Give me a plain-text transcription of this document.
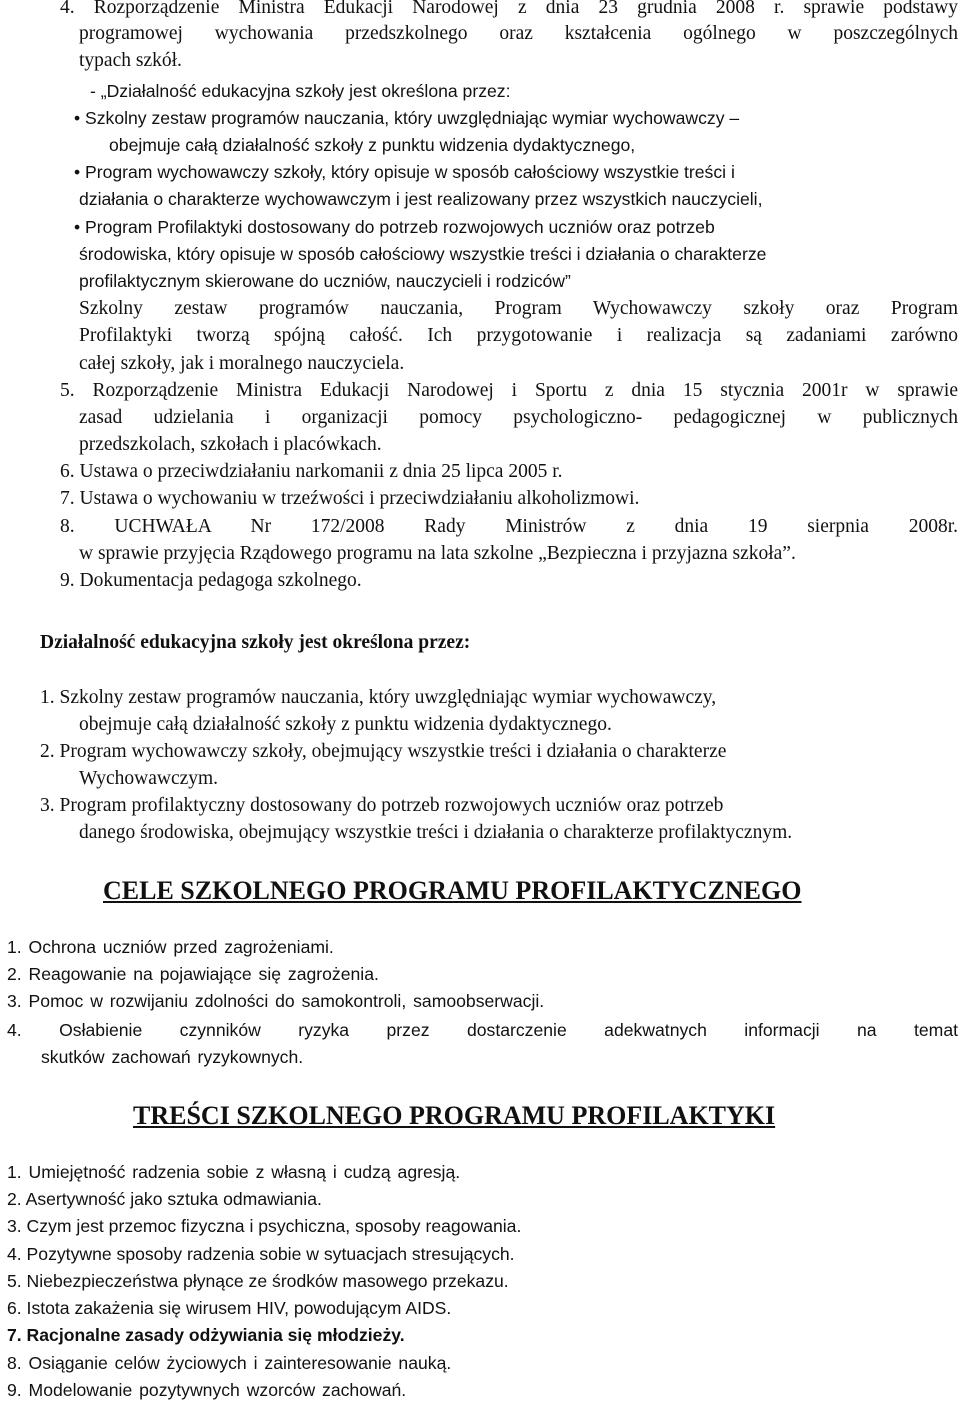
4. Rozporządzenie Ministra Edukacji Narodowej z dnia 23 grudnia 2008 r. sprawie podstawy
programowej wychowania przedszkolnego oraz kształcenia ogólnego w poszczególnych
typach szkół.
- „Działalność edukacyjna szkoły jest określona przez:
• Szkolny zestaw programów nauczania, który uwzględniając wymiar wychowawczy –
obejmuje całą działalność szkoły z punktu widzenia dydaktycznego,
• Program wychowawczy szkoły, który opisuje w sposób całościowy wszystkie treści i
działania o charakterze wychowawczym i jest realizowany przez wszystkich nauczycieli,
• Program Profilaktyki dostosowany do potrzeb rozwojowych uczniów oraz potrzeb
środowiska, który opisuje w sposób całościowy wszystkie treści i działania o charakterze
profilaktycznym skierowane do uczniów, nauczycieli i rodziców”
Szkolny zestaw programów nauczania, Program Wychowawczy szkoły oraz Program
Profilaktyki tworzą spójną całość. Ich przygotowanie i realizacja są zadaniami zarówno
całej szkoły, jak i moralnego nauczyciela.
5. Rozporządzenie Ministra Edukacji Narodowej i Sportu z dnia 15 stycznia 2001r w sprawie
zasad udzielania i organizacji pomocy psychologiczno- pedagogicznej w publicznych
przedszkolach, szkołach i placówkach.
6. Ustawa o przeciwdziałaniu narkomanii z dnia 25 lipca 2005 r.
7. Ustawa o wychowaniu w trzeźwości i przeciwdziałaniu alkoholizmowi.
8. UCHWAŁA Nr 172/2008 Rady Ministrów z dnia 19 sierpnia 2008r.
w sprawie przyjęcia Rządowego programu na lata szkolne „Bezpieczna i przyjazna szkoła”.
9. Dokumentacja pedagoga szkolnego.
Działalność edukacyjna szkoły jest określona przez:
1. Szkolny zestaw programów nauczania, który uwzględniając wymiar wychowawczy,
obejmuje całą działalność szkoły z punktu widzenia dydaktycznego.
2. Program wychowawczy szkoły, obejmujący wszystkie treści i działania o charakterze
Wychowawczym.
3. Program profilaktyczny dostosowany do potrzeb rozwojowych uczniów oraz potrzeb
danego środowiska, obejmujący wszystkie treści i działania o charakterze profilaktycznym.
CELE SZKOLNEGO PROGRAMU PROFILAKTYCZNEGO
1. Ochrona uczniów przed zagrożeniami.
2. Reagowanie na pojawiające się zagrożenia.
3. Pomoc w rozwijaniu zdolności do samokontroli, samoobserwacji.
4. Osłabienie czynników ryzyka przez dostarczenie adekwatnych informacji na temat
skutków zachowań ryzykownych.
TREŚCI SZKOLNEGO PROGRAMU PROFILAKTYKI
1. Umiejętność radzenia sobie z własną i cudzą agresją.
2. Asertywność jako sztuka odmawiania.
3. Czym jest przemoc fizyczna i psychiczna, sposoby reagowania.
4. Pozytywne sposoby radzenia sobie w sytuacjach stresujących.
5. Niebezpieczeństwa płynące ze środków masowego przekazu.
6. Istota zakażenia się wirusem HIV, powodującym AIDS.
7. Racjonalne zasady odżywiania się młodzieży.
8. Osiąganie celów życiowych i zainteresowanie nauką.
9. Modelowanie pozytywnych wzorców zachowań.
